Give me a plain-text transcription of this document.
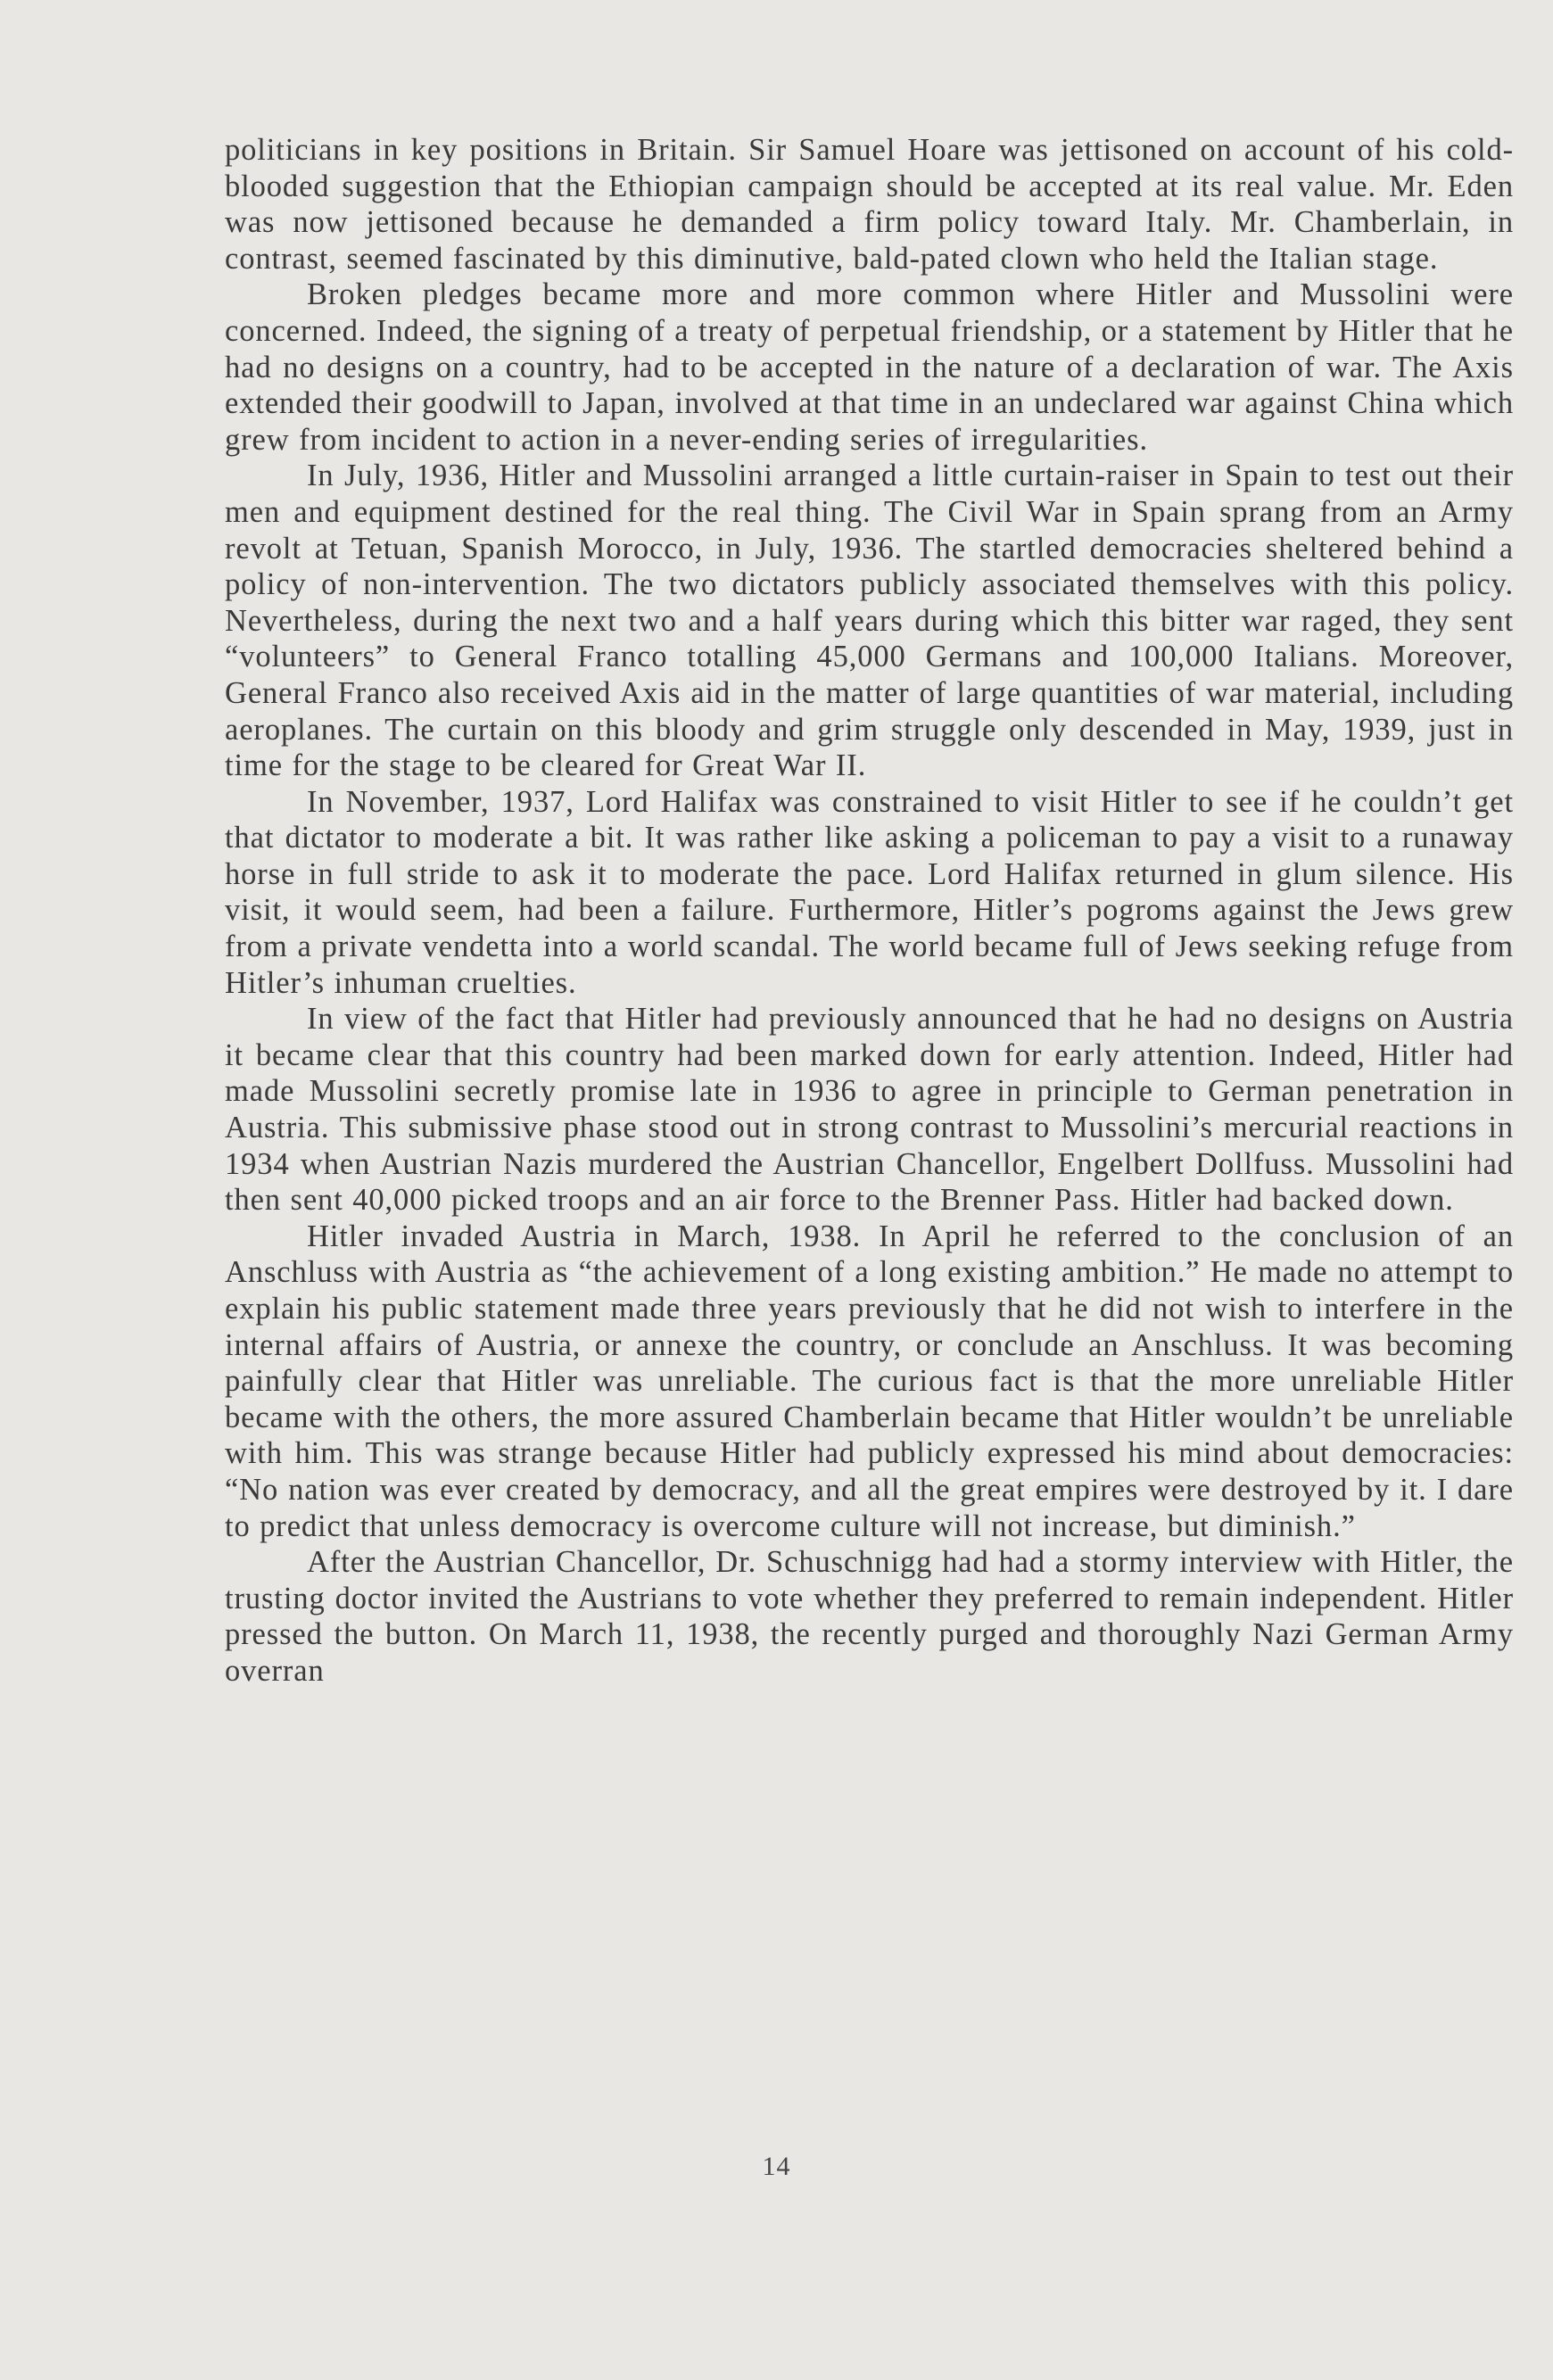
politicians in key positions in Britain. Sir Samuel Hoare was jettisoned on account of his cold-blooded suggestion that the Ethiopian campaign should be accepted at its real value. Mr. Eden was now jettisoned because he demanded a firm policy toward Italy. Mr. Chamberlain, in contrast, seemed fascinated by this diminutive, bald-pated clown who held the Italian stage.

Broken pledges became more and more common where Hitler and Mussolini were concerned. Indeed, the signing of a treaty of perpetual friendship, or a statement by Hitler that he had no designs on a country, had to be accepted in the nature of a declaration of war. The Axis extended their goodwill to Japan, involved at that time in an undeclared war against China which grew from incident to action in a never-ending series of irregularities.

In July, 1936, Hitler and Mussolini arranged a little curtain-raiser in Spain to test out their men and equipment destined for the real thing. The Civil War in Spain sprang from an Army revolt at Tetuan, Spanish Morocco, in July, 1936. The startled democracies sheltered behind a policy of non-intervention. The two dictators publicly associated themselves with this policy. Nevertheless, during the next two and a half years during which this bitter war raged, they sent “volunteers” to General Franco totalling 45,000 Germans and 100,000 Italians. Moreover, General Franco also received Axis aid in the matter of large quantities of war material, including aeroplanes. The curtain on this bloody and grim struggle only descended in May, 1939, just in time for the stage to be cleared for Great War II.

In November, 1937, Lord Halifax was constrained to visit Hitler to see if he couldn’t get that dictator to moderate a bit. It was rather like asking a policeman to pay a visit to a runaway horse in full stride to ask it to moderate the pace. Lord Halifax returned in glum silence. His visit, it would seem, had been a failure. Furthermore, Hitler’s pogroms against the Jews grew from a private vendetta into a world scandal. The world became full of Jews seeking refuge from Hitler’s inhuman cruelties.

In view of the fact that Hitler had previously announced that he had no designs on Austria it became clear that this country had been marked down for early attention. Indeed, Hitler had made Mussolini secretly promise late in 1936 to agree in principle to German penetration in Austria. This submissive phase stood out in strong contrast to Mussolini’s mercurial reactions in 1934 when Austrian Nazis murdered the Austrian Chancellor, Engelbert Dollfuss. Mussolini had then sent 40,000 picked troops and an air force to the Brenner Pass. Hitler had backed down.

Hitler invaded Austria in March, 1938. In April he referred to the conclusion of an Anschluss with Austria as “the achievement of a long existing ambition.” He made no attempt to explain his public statement made three years previously that he did not wish to interfere in the internal affairs of Austria, or annexe the country, or conclude an Anschluss. It was becoming painfully clear that Hitler was unreliable. The curious fact is that the more unreliable Hitler became with the others, the more assured Chamberlain became that Hitler wouldn’t be unreliable with him. This was strange because Hitler had publicly expressed his mind about democracies: “No nation was ever created by democracy, and all the great empires were destroyed by it. I dare to predict that unless democracy is overcome culture will not increase, but diminish.”

After the Austrian Chancellor, Dr. Schuschnigg had had a stormy interview with Hitler, the trusting doctor invited the Austrians to vote whether they preferred to remain independent. Hitler pressed the button. On March 11, 1938, the recently purged and thoroughly Nazi German Army overran

14
